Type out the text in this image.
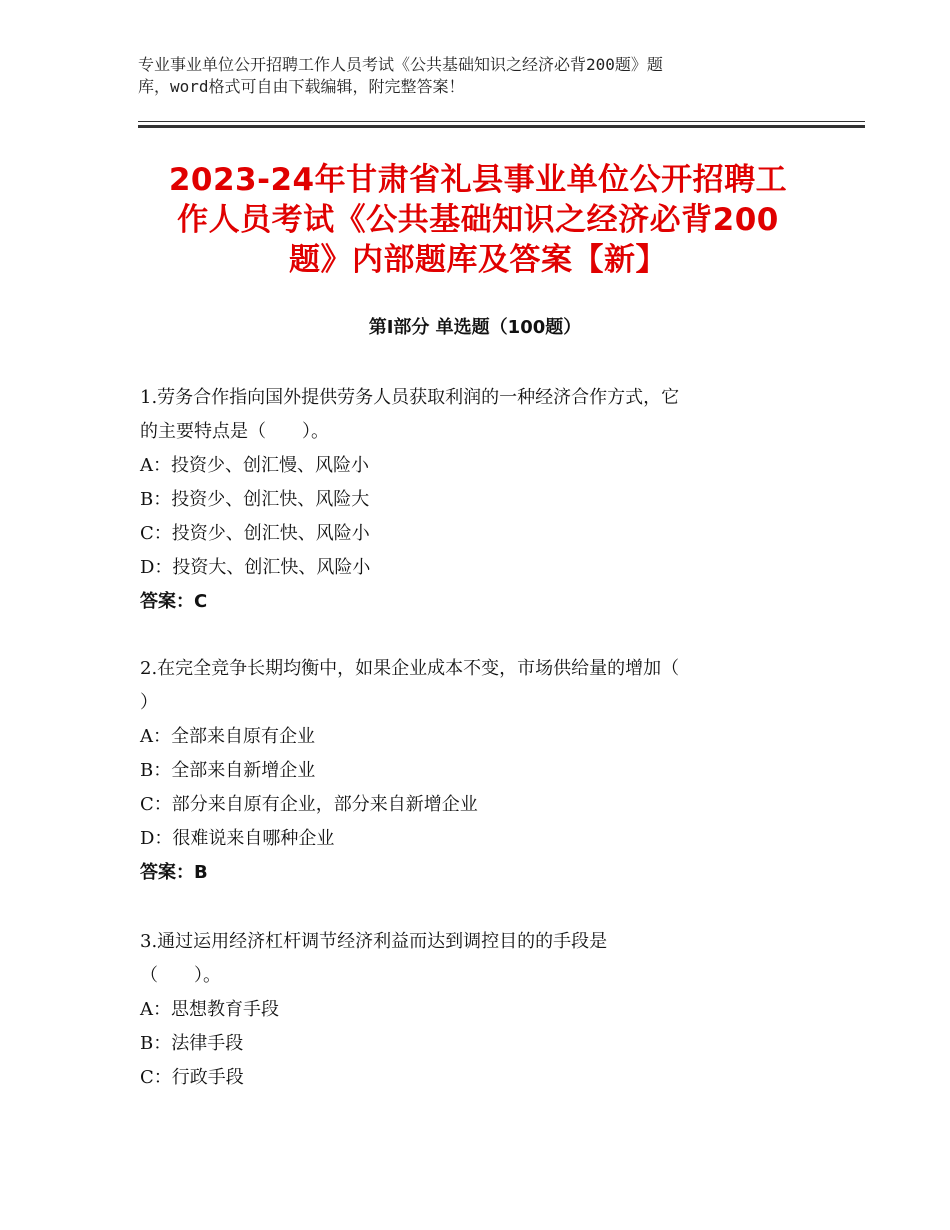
专业事业单位公开招聘工作人员考试《公共基础知识之经济必背200题》题
库，word格式可自由下载编辑，附完整答案！
2023-24年甘肃省礼县事业单位公开招聘工
作人员考试《公共基础知识之经济必背200
题》内部题库及答案【新】
第Ⅰ部分 单选题（100题）
1.劳务合作指向国外提供劳务人员获取利润的一种经济合作方式，它
的主要特点是（　　）。
A：投资少、创汇慢、风险小
B：投资少、创汇快、风险大
C：投资少、创汇快、风险小
D：投资大、创汇快、风险小
答案：C
2.在完全竞争长期均衡中，如果企业成本不变，市场供给量的增加（
）
A：全部来自原有企业
B：全部来自新增企业
C：部分来自原有企业，部分来自新增企业
D：很难说来自哪种企业
答案：B
3.通过运用经济杠杆调节经济利益而达到调控目的的手段是
（　　）。
A：思想教育手段
B：法律手段
C：行政手段
